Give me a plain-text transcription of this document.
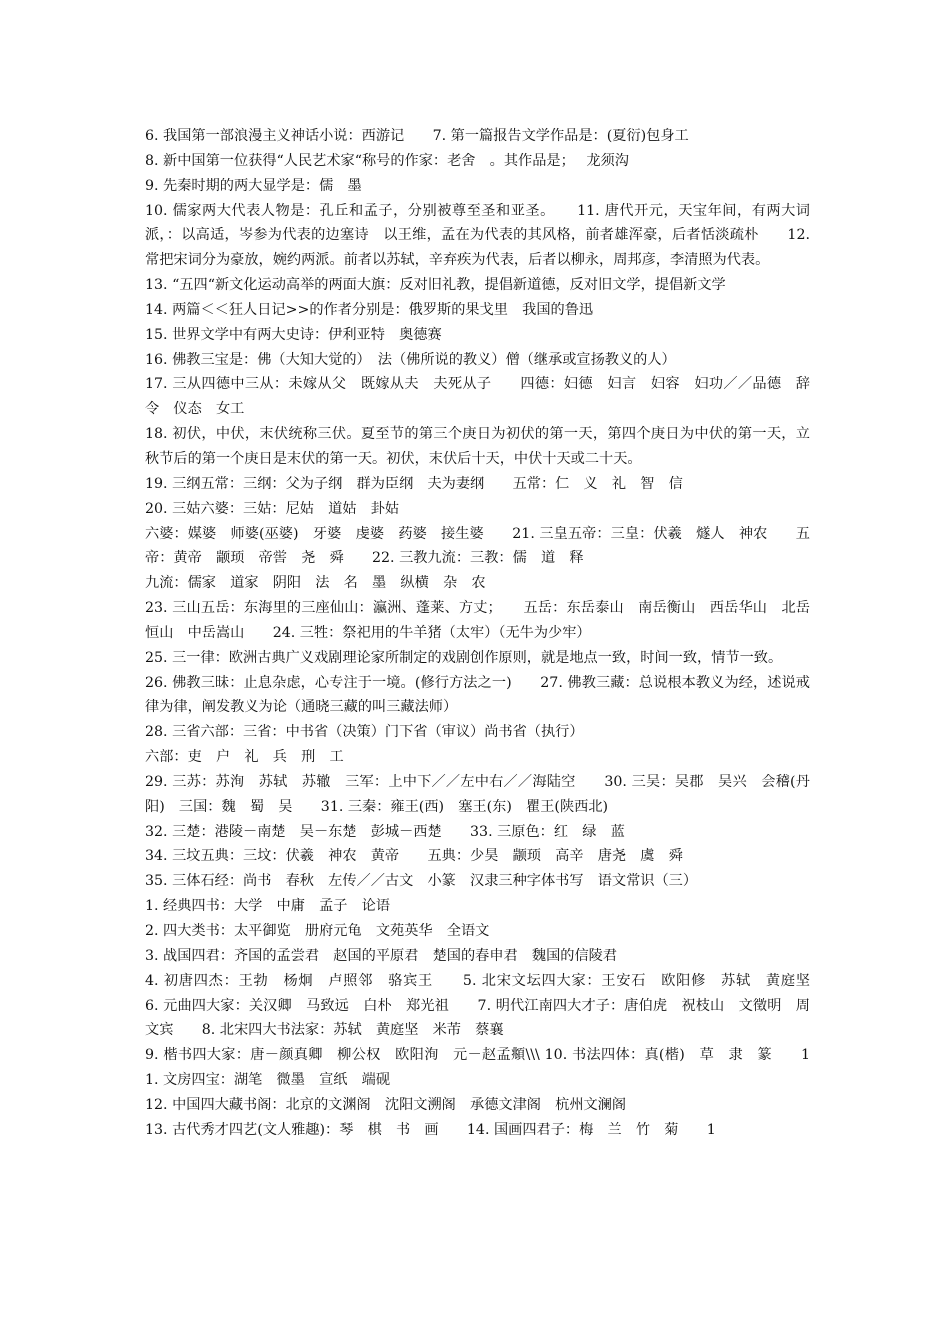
6. 我国第一部浪漫主义神话小说：西游记　　7. 第一篇报告文学作品是：(夏衍)包身工

8. 新中国第一位获得“人民艺术家“称号的作家：老舍　。其作品是；　 龙须沟

9. 先秦时期的两大显学是：儒　墨

10. 儒家两大代表人物是：孔丘和孟子，分别被尊至圣和亚圣。　　11. 唐代开元，天宝年间，有两大词派，：以高适，岑参为代表的边塞诗　以王维，孟在为代表的其风格，前者雄浑豪，后者恬淡疏朴　　12. 常把宋词分为豪放，婉约两派。前者以苏轼，辛弃疾为代表，后者以柳永，周邦彦，李清照为代表。

13. “五四“新文化运动高举的两面大旗：反对旧礼教，提倡新道德，反对旧文学，提倡新文学

14. 两篇＜＜狂人日记>>的作者分别是：俄罗斯的果戈里　我国的鲁迅

15. 世界文学中有两大史诗：伊利亚特　奥德赛

16. 佛教三宝是：佛（大知大觉的）　法（佛所说的教义）僧（继承或宣扬教义的人）

17. 三从四德中三从：未嫁从父　既嫁从夫　夫死从子　　四德：妇德　妇言　妇容　妇功／／品德　辞令　仪态　女工

18. 初伏，中伏，末伏统称三伏。夏至节的第三个庚日为初伏的第一天，第四个庚日为中伏的第一天，立秋节后的第一个庚日是末伏的第一天。初伏，末伏后十天，中伏十天或二十天。

19. 三纲五常：三纲：父为子纲　群为臣纲　夫为妻纲　　五常：仁　义　礼　智　信

20. 三姑六婆：三姑：尼姑　道姑　卦姑

六婆：媒婆　师婆(巫婆)　牙婆　虔婆　药婆　接生婆　　21. 三皇五帝：三皇：伏羲　燧人　神农　　五帝：黄帝　颛顼　帝喾　尧　舜　　22. 三教九流：三教：儒　道　释

九流：儒家　道家　阴阳　法　名　墨　纵横　杂　农

23. 三山五岳：东海里的三座仙山：瀛洲、蓬莱、方丈；　　五岳：东岳泰山　南岳衡山　西岳华山　北岳恒山　中岳嵩山　　24. 三牲：祭祀用的牛羊猪（太牢）（无牛为少牢）

25. 三一律：欧洲古典广义戏剧理论家所制定的戏剧创作原则，就是地点一致，时间一致，情节一致。

26. 佛教三昧：止息杂虑，心专注于一境。(修行方法之一)　　27. 佛教三藏：总说根本教义为经，述说戒律为律，阐发教义为论（通晓三藏的叫三藏法师）

28. 三省六部：三省：中书省（决策）门下省（审议）尚书省（执行）

六部：吏　户　礼　兵　刑　工

29. 三苏：苏洵　苏轼　苏辙　三军：上中下／／左中右／／海陆空　　30. 三吴：吴郡　吴兴　会稽(丹阳)　三国：魏　蜀　吴　　31. 三秦：雍王(西)　塞王(东)　瞿王(陕西北)

32. 三楚：港陵－南楚　吴－东楚　彭城－西楚　　33. 三原色：红　绿　蓝

34. 三坟五典：三坟：伏羲　神农　黄帝　　五典：少昊　颛顼　高辛　唐尧　虞　舜

35. 三体石经：尚书　春秋　左传／／古文　小篆　汉隶三种字体书写　语文常识（三）

1. 经典四书：大学　中庸　孟子　论语

2. 四大类书：太平御览　册府元龟　文苑英华　全语文

3. 战国四君：齐国的孟尝君　赵国的平原君　楚国的春申君　魏国的信陵君

4. 初唐四杰：王勃　杨炯　卢照邻　骆宾王　　5. 北宋文坛四大家：王安石　欧阳修　苏轼　黄庭坚　　6. 元曲四大家：关汉卿　马致远　白朴　郑光祖　　7. 明代江南四大才子：唐伯虎　祝枝山　文徵明　周文宾　　8. 北宋四大书法家：苏轼　黄庭坚　米芾　蔡襄

9. 楷书四大家：唐－颜真卿　柳公权　欧阳洵　元－赵孟頫\\\ 10. 书法四体：真(楷)　草　隶　篆　　11. 文房四宝：湖笔　微墨　宣纸　端砚

12. 中国四大藏书阁：北京的文渊阁　沈阳文溯阁　承德文津阁　杭州文澜阁

13. 古代秀才四艺(文人雅趣)：琴　棋　书　画　　14. 国画四君子：梅　兰　竹　菊　　1
